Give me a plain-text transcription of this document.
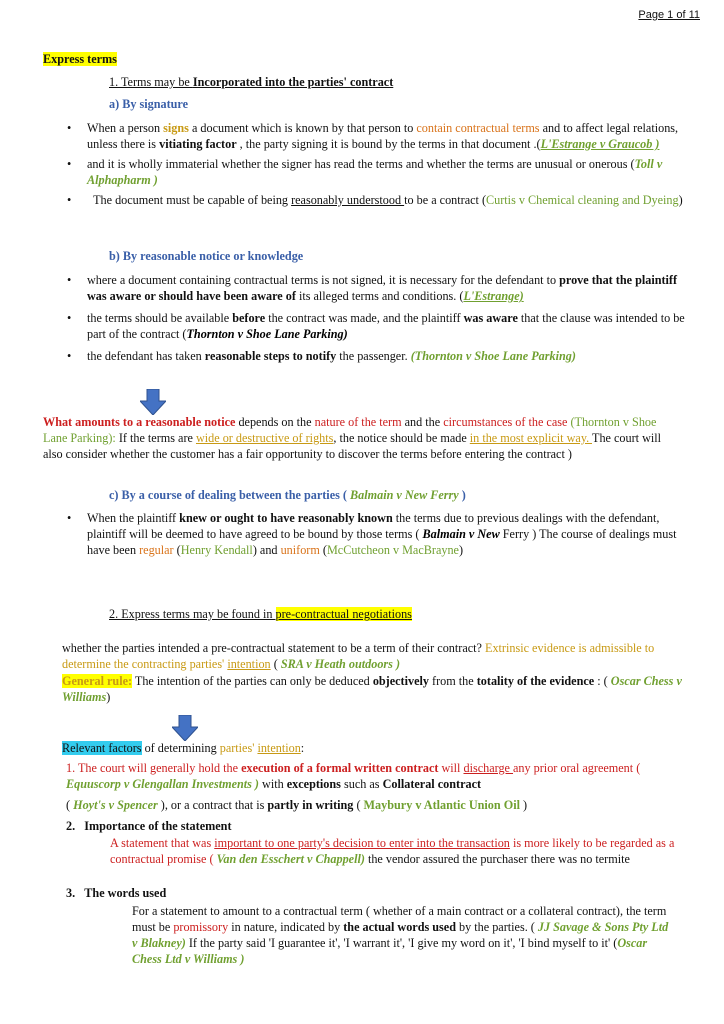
Page 1 of 11
Express terms
1. Terms may be Incorporated into the parties' contract
a) By signature
• When a person signs a document which is known by that person to contain contractual terms and to affect legal relations, unless there is vitiating factor , the party signing it is bound by the terms in that document .(L'Estrange v Graucob )
• and it is wholly immaterial whether the signer has read the terms and whether the terms are unusual or onerous (Toll v Alphapharm )
• The document must be capable of being reasonably understood to be a contract (Curtis v Chemical cleaning and Dyeing)
b) By reasonable notice or knowledge
• where a document containing contractual terms is not signed, it is necessary for the defendant to prove that the plaintiff was aware or should have been aware of its alleged terms and conditions. (L'Estrange)
• the terms should be available before the contract was made, and the plaintiff was aware that the clause was intended to be part of the contract (Thornton v Shoe Lane Parking)
• the defendant has taken reasonable steps to notify the passenger. (Thornton v Shoe Lane Parking)
What amounts to a reasonable notice depends on the nature of the term and the circumstances of the case (Thornton v Shoe Lane Parking): If the terms are wide or destructive of rights, the notice should be made in the most explicit way. The court will also consider whether the customer has a fair opportunity to discover the terms before entering the contract )
c) By a course of dealing between the parties ( Balmain v New Ferry )
• When the plaintiff knew or ought to have reasonably known the terms due to previous dealings with the defendant, plaintiff will be deemed to have agreed to be bound by those terms ( Balmain v New Ferry ) The course of dealings must have been regular (Henry Kendall) and uniform (McCutcheon v MacBrayne)
2. Express terms may be found in pre-contractual negotiations
whether the parties intended a pre-contractual statement to be a term of their contract? Extrinsic evidence is admissible to determine the contracting parties' intention ( SRA v Heath outdoors )
General rule: The intention of the parties can only be deduced objectively from the totality of the evidence : ( Oscar Chess v Williams)
Relevant factors of determining parties' intention:
1. The court will generally hold the execution of a formal written contract will discharge any prior oral agreement ( Equuscorp v Glengallan Investments ) with exceptions such as Collateral contract
( Hoyt's v Spencer ), or a contract that is partly in writing ( Maybury v Atlantic Union Oil )
2. Importance of the statement
A statement that was important to one party's decision to enter into the transaction is more likely to be regarded as a contractual promise ( Van den Esschert v Chappell) the vendor assured the purchaser there was no termite
3. The words used
For a statement to amount to a contractual term ( whether of a main contract or a collateral contract), the term must be promissory in nature, indicated by the actual words used by the parties. ( JJ Savage & Sons Pty Ltd v Blakney) If the party said 'I guarantee it', 'I warrant it', 'I give my word on it', 'I bind myself to it' (Oscar Chess Ltd v Williams )
